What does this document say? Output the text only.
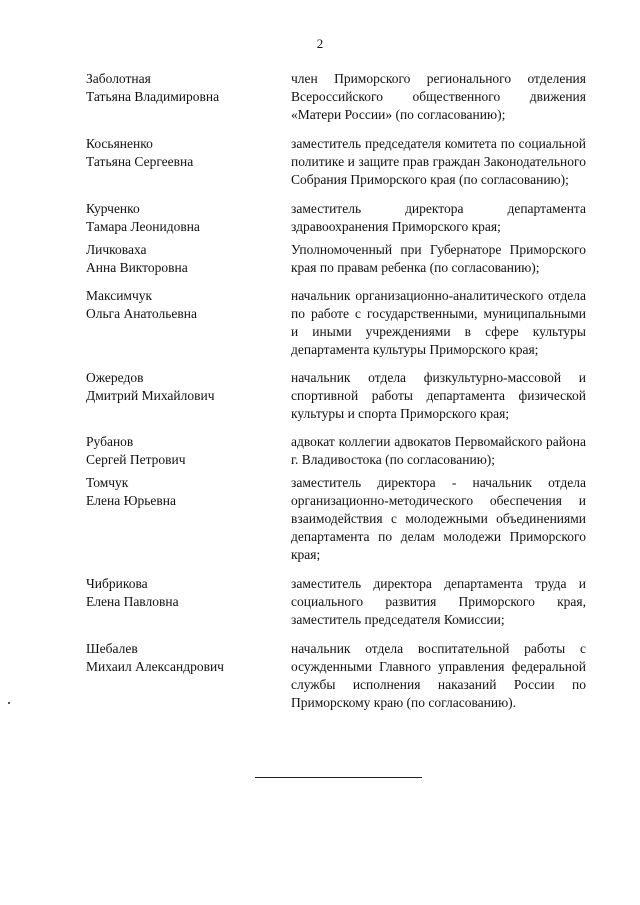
2
Заболотная
Татьяна Владимировна
член Приморского регионального отделения Всероссийского общественного движения «Матери России» (по согласованию);
Косьяненко
Татьяна Сергеевна
заместитель председателя комитета по социальной политике и защите прав граждан Законодательного Собрания Приморского края (по согласованию);
Курченко
Тамара Леонидовна
заместитель директора департамента здравоохранения Приморского края;
Личковаха
Анна Викторовна
Уполномоченный при Губернаторе Приморского края по правам ребенка (по согласованию);
Максимчук
Ольга Анатольевна
начальник организационно-аналитического отдела по работе с государственными, муниципальными и иными учреждениями в сфере культуры департамента культуры Приморского края;
Ожередов
Дмитрий Михайлович
начальник отдела физкультурно-массовой и спортивной работы департамента физической культуры и спорта Приморского края;
Рубанов
Сергей Петрович
адвокат коллегии адвокатов Первомайского района г. Владивостока (по согласованию);
Томчук
Елена Юрьевна
заместитель директора - начальник отдела организационно-методического обеспечения и взаимодействия с молодежными объединениями департамента по делам молодежи Приморского края;
Чибрикова
Елена Павловна
заместитель директора департамента труда и социального развития Приморского края, заместитель председателя Комиссии;
Шебалев
Михаил Александрович
начальник отдела воспитательной работы с осужденными Главного управления федеральной службы исполнения наказаний России по Приморскому краю (по согласованию).
